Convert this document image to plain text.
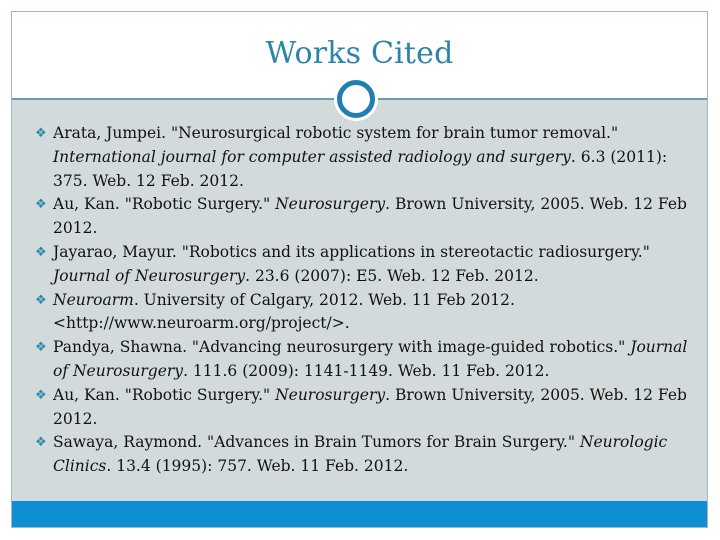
Works Cited
❖ Arata, Jumpei. "Neurosurgical robotic system for brain tumor removal." International journal for computer assisted radiology and surgery. 6.3 (2011): 375. Web. 12 Feb. 2012.
❖ Au, Kan. "Robotic Surgery." Neurosurgery. Brown University, 2005. Web. 12 Feb 2012.
❖ Jayarao, Mayur. "Robotics and its applications in stereotactic radiosurgery." Journal of Neurosurgery. 23.6 (2007): E5. Web. 12 Feb. 2012.
❖ Neuroarm. University of Calgary, 2012. Web. 11 Feb 2012. <http://www.neuroarm.org/project/>.
❖ Pandya, Shawna. "Advancing neurosurgery with image-guided robotics." Journal of Neurosurgery. 111.6 (2009): 1141-1149. Web. 11 Feb. 2012.
❖ Au, Kan. "Robotic Surgery." Neurosurgery. Brown University, 2005. Web. 12 Feb 2012.
❖ Sawaya, Raymond. "Advances in Brain Tumors for Brain Surgery." Neurologic Clinics. 13.4 (1995): 757. Web. 11 Feb. 2012.
